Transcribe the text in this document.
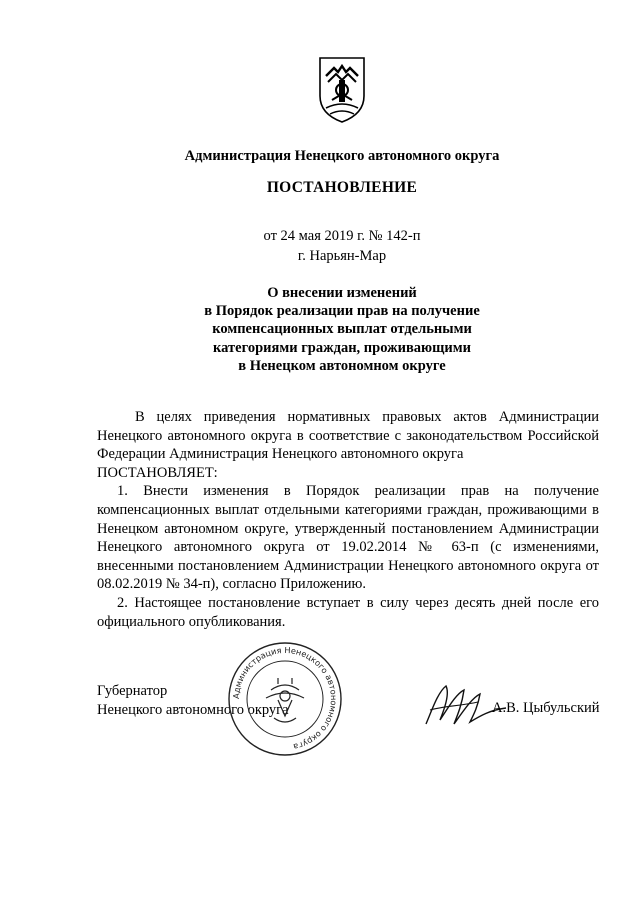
Администрация Ненецкого автономного округа
ПОСТАНОВЛЕНИЕ
от 24 мая 2019 г. № 142-п
г. Нарьян-Мар
О внесении изменений
в Порядок реализации прав на получение
компенсационных выплат отдельными
категориями граждан, проживающими
в Ненецком автономном округе

В целях приведения нормативных правовых актов Администрации Ненецкого автономного округа в соответствие с законодательством Российской Федерации Администрация Ненецкого автономного округа

ПОСТАНОВЛЯЕТ:

1. Внести изменения в Порядок реализации прав на получение компенсационных выплат отдельными категориями граждан, проживающими в Ненецком автономном округе, утвержденный постановлением Администрации Ненецкого автономного округа от 19.02.2014 № 63-п (с изменениями, внесенными постановлением Администрации Ненецкого автономного округа от 08.02.2019 № 34-п), согласно Приложению.

2. Настоящее постановление вступает в силу через десять дней после его официального опубликования.

Губернатор
Ненецкого автономного округа
Администрация Ненецкого автономного округа
А.В. Цыбульский
